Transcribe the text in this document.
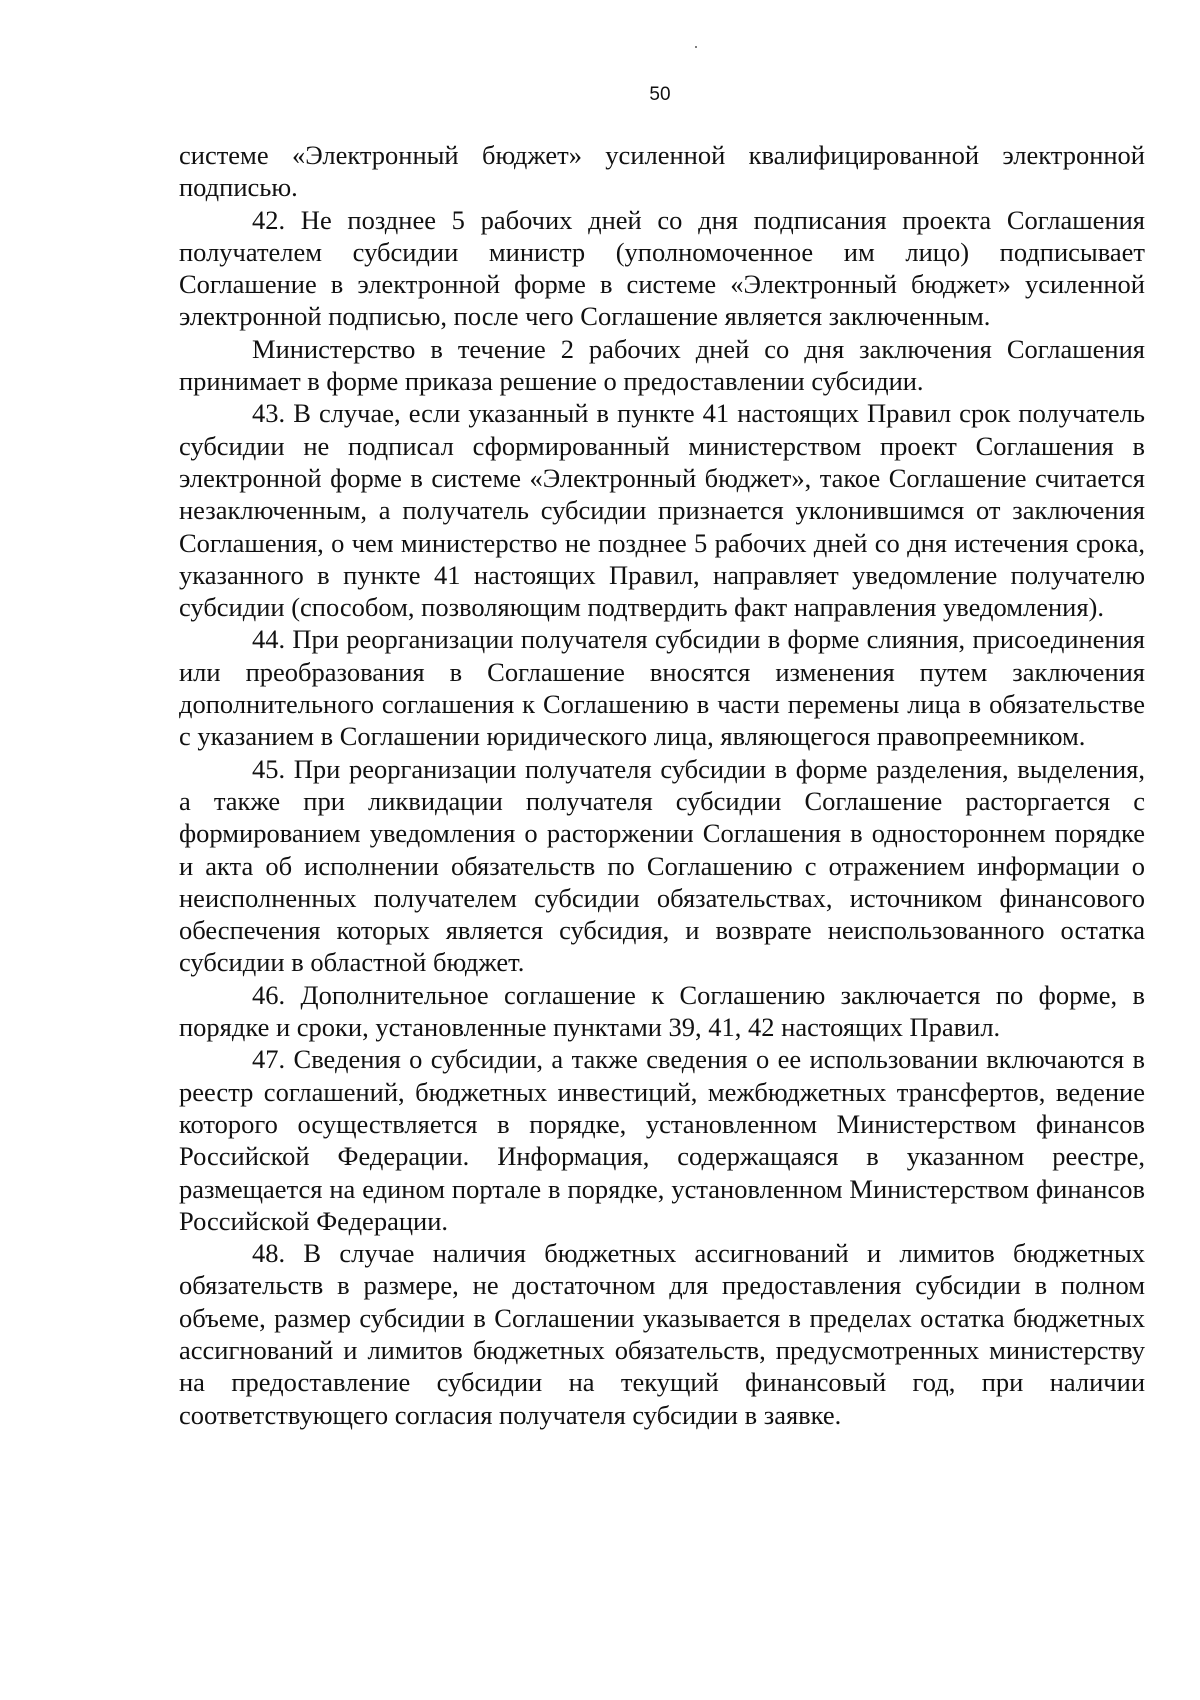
50

системе «Электронный бюджет» усиленной квалифицированной электронной подписью.

42. Не позднее 5 рабочих дней со дня подписания проекта Соглашения получателем субсидии министр (уполномоченное им лицо) подписывает Соглашение в электронной форме в системе «Электронный бюджет» усиленной электронной подписью, после чего Соглашение является заключенным.

Министерство в течение 2 рабочих дней со дня заключения Соглашения принимает в форме приказа решение о предоставлении субсидии.

43. В случае, если указанный в пункте 41 настоящих Правил срок получатель субсидии не подписал сформированный министерством проект Соглашения в электронной форме в системе «Электронный бюджет», такое Соглашение считается незаключенным, а получатель субсидии признается уклонившимся от заключения Соглашения, о чем министерство не позднее 5 рабочих дней со дня истечения срока, указанного в пункте 41 настоящих Правил, направляет уведомление получателю субсидии (способом, позволяющим подтвердить факт направления уведомления).

44. При реорганизации получателя субсидии в форме слияния, присоединения или преобразования в Соглашение вносятся изменения путем заключения дополнительного соглашения к Соглашению в части перемены лица в обязательстве с указанием в Соглашении юридического лица, являющегося правопреемником.

45. При реорганизации получателя субсидии в форме разделения, выделения, а также при ликвидации получателя субсидии Соглашение расторгается с формированием уведомления о расторжении Соглашения в одностороннем порядке и акта об исполнении обязательств по Соглашению с отражением информации о неисполненных получателем субсидии обязательствах, источником финансового обеспечения которых является субсидия, и возврате неиспользованного остатка субсидии в областной бюджет.

46. Дополнительное соглашение к Соглашению заключается по форме, в порядке и сроки, установленные пунктами 39, 41, 42 настоящих Правил.

47. Сведения о субсидии, а также сведения о ее использовании включаются в реестр соглашений, бюджетных инвестиций, межбюджетных трансфертов, ведение которого осуществляется в порядке, установленном Министерством финансов Российской Федерации. Информация, содержащаяся в указанном реестре, размещается на едином портале в порядке, установленном Министерством финансов Российской Федерации.

48. В случае наличия бюджетных ассигнований и лимитов бюджетных обязательств в размере, не достаточном для предоставления субсидии в полном объеме, размер субсидии в Соглашении указывается в пределах остатка бюджетных ассигнований и лимитов бюджетных обязательств, предусмотренных министерству на предоставление субсидии на текущий финансовый год, при наличии соответствующего согласия получателя субсидии в заявке.
